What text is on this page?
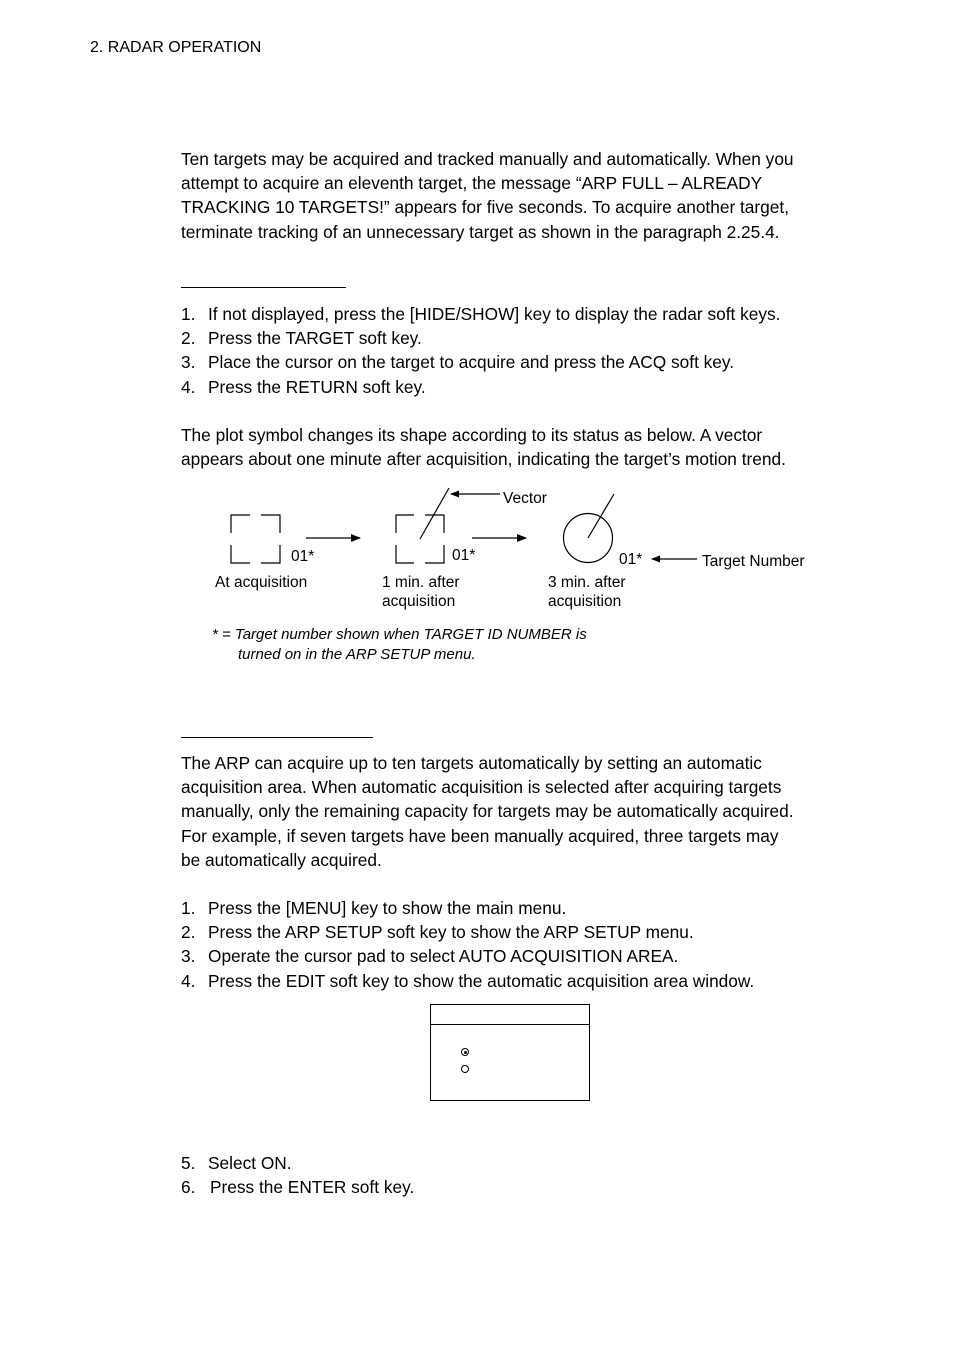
2. RADAR OPERATION
Ten targets may be acquired and tracked manually and automatically. When you
attempt to acquire an eleventh target, the message “ARP FULL – ALREADY
TRACKING 10 TARGETS!” appears for five seconds. To acquire another target,
terminate tracking of an unnecessary target as shown in the paragraph 2.25.4.
1. If not displayed, press the [HIDE/SHOW] key to display the radar soft keys.
2. Press the TARGET soft key.
3. Place the cursor on the target to acquire and press the ACQ soft key.
4. Press the RETURN soft key.
The plot symbol changes its shape according to its status as below. A vector
appears about one minute after acquisition, indicating the target’s motion trend.
01*	01*
Vector
01*	Target Number
At acquisition	1 min. after
acquisition
3 min. after
acquisition
* = Target number shown when TARGET ID NUMBER is
turned on in the ARP SETUP menu.
The ARP can acquire up to ten targets automatically by setting an automatic
acquisition area. When automatic acquisition is selected after acquiring targets
manually, only the remaining capacity for targets may be automatically acquired.
For example, if seven targets have been manually acquired, three targets may
be automatically acquired.
1. Press the [MENU] key to show the main menu.
2. Press the ARP SETUP soft key to show the ARP SETUP menu.
3. Operate the cursor pad to select AUTO ACQUISITION AREA.
4. Press the EDIT soft key to show the automatic acquisition area window.
5. Select ON.
6. Press the ENTER soft key.
